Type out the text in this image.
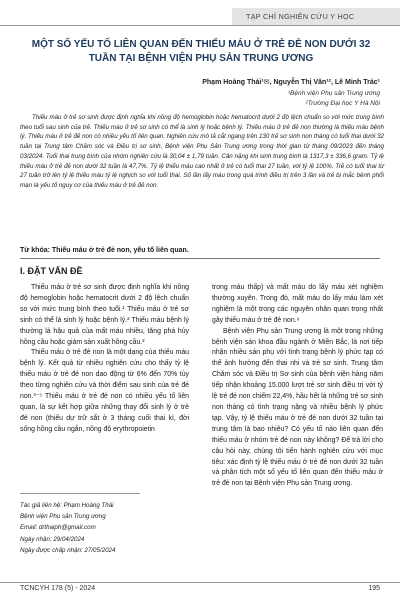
TẠP CHÍ NGHIÊN CỨU Y HỌC
MỘT SỐ YẾU TỐ LIÊN QUAN ĐẾN THIẾU MÁU Ở TRẺ ĐẺ NON DƯỚI 32 TUẦN TẠI BỆNH VIỆN PHỤ SẢN TRUNG ƯƠNG
Phạm Hoàng Thái¹✉, Nguyễn Thị Vân¹², Lê Minh Trác¹
¹Bệnh viện Phụ sản Trung ương
²Trường Đại học Y Hà Nội
Thiếu máu ở trẻ sơ sinh được định nghĩa khi nồng độ hemoglobin hoặc hematocrit dưới 2 độ lệch chuẩn so với mức trung bình theo tuổi sau sinh của trẻ. Thiếu máu ở trẻ sơ sinh có thể là sinh lý hoặc bệnh lý. Thiếu máu ở trẻ đẻ non thường là thiếu máu bệnh lý. Thiếu máu ở trẻ đẻ non có nhiều yếu tố liên quan. Nghiên cứu mô tả cắt ngang trên 130 trẻ sơ sinh non tháng có tuổi thai dưới 32 tuần tại Trung tâm Chăm sóc và Điều trị sơ sinh, Bệnh viện Phụ Sản Trung ương trong thời gian từ tháng 09/2023 đến tháng 03/2024. Tuổi thai trung bình của nhóm nghiên cứu là 30,04 ± 1,79 tuần. Cân nặng khi sinh trung bình là 1317,3 ± 336,6 gram. Tỷ lệ thiếu máu ở trẻ đẻ non dưới 32 tuần là 47,7%. Tỷ lệ thiếu máu cao nhất ở trẻ có tuổi thai 27 tuần, với tỷ lệ 100%. Trẻ có tuổi thai từ 27 tuần trở lên tỷ lệ thiếu máu tỷ lệ nghịch so với tuổi thai. Số lần lấy máu trong quá trình điều trị trên 3 lần và trẻ bị mắc bệnh phổi mạn là yếu tố nguy cơ của thiếu máu ở trẻ đẻ non.
Từ khóa: Thiếu máu ở trẻ đẻ non, yếu tố liên quan.
I. ĐẶT VẤN ĐỀ

Thiếu máu ở trẻ sơ sinh được định nghĩa khi nồng độ hemoglobin hoặc hematocrit dưới 2 độ lệch chuẩn so với mức trung bình theo tuổi.¹ Thiếu máu ở trẻ sơ sinh có thể là sinh lý hoặc bệnh lý.² Thiếu máu bệnh lý thường là hậu quả của mất máu nhiều, tăng phá hủy hồng cầu hoặc giảm sản xuất hồng cầu.²

Thiếu máu ở trẻ đẻ non là một dạng của thiếu máu bệnh lý. Kết quả từ nhiều nghiên cứu cho thấy tỷ lệ thiếu máu ở trẻ đẻ non dao động từ 6% đến 70% tùy theo từng nghiên cứu và thời điểm sau sinh của trẻ đẻ non.³⁻⁵ Thiếu máu ở trẻ đẻ non có nhiều yếu tố liên quan, là sự kết hợp giữa những thay đổi sinh lý ở trẻ đẻ non (thiếu dự trữ sắt ở 3 tháng cuối thai kì, đời sống hồng cầu ngắn, nồng độ erythropoietin

trong máu thấp) và mất máu do lấy máu xét nghiệm thường xuyên. Trong đó, mất máu do lấy máu làm xét nghiệm là một trong các nguyên nhân quan trọng nhất gây thiếu máu ở trẻ đẻ non.⁶

Bệnh viện Phụ sản Trung ương là một trong những bệnh viện sản khoa đầu ngành ở Miền Bắc, là nơi tiếp nhận nhiều sản phụ với tình trạng bệnh lý phức tạp có thể ảnh hưởng đến thai nhi và trẻ sơ sinh. Trung tâm Chăm sóc và Điều trị Sơ sinh của bệnh viện hàng năm tiếp nhận khoảng 15.000 lượt trẻ sơ sinh điều trị với tỷ lệ trẻ đẻ non chiếm 22,4%, hầu hết là những trẻ sơ sinh non tháng có tình trạng nặng và nhiều bệnh lý phức tạp. Vậy, tỷ lệ thiếu máu ở trẻ đẻ non dưới 32 tuần tại trung tâm là bao nhiêu? Có yếu tố nào liên quan đến thiếu máu ở nhóm trẻ đẻ non này không? Để trả lời cho câu hỏi này, chúng tôi tiến hành nghiên cứu với mục tiêu: xác định tỷ lệ thiếu máu ở trẻ đẻ non dưới 32 tuần và phân tích một số yếu tố liên quan đến thiếu máu ở trẻ đẻ non tại Bệnh viện Phụ sản Trung ương.

Tác giả liên hệ: Phạm Hoàng Thái
Bệnh viện Phụ sản Trung ương
Email: drthaiph@gmail.com
Ngày nhận: 29/04/2024
Ngày được chấp nhận: 27/05/2024
TCNCYH 178 (5) - 2024	195
